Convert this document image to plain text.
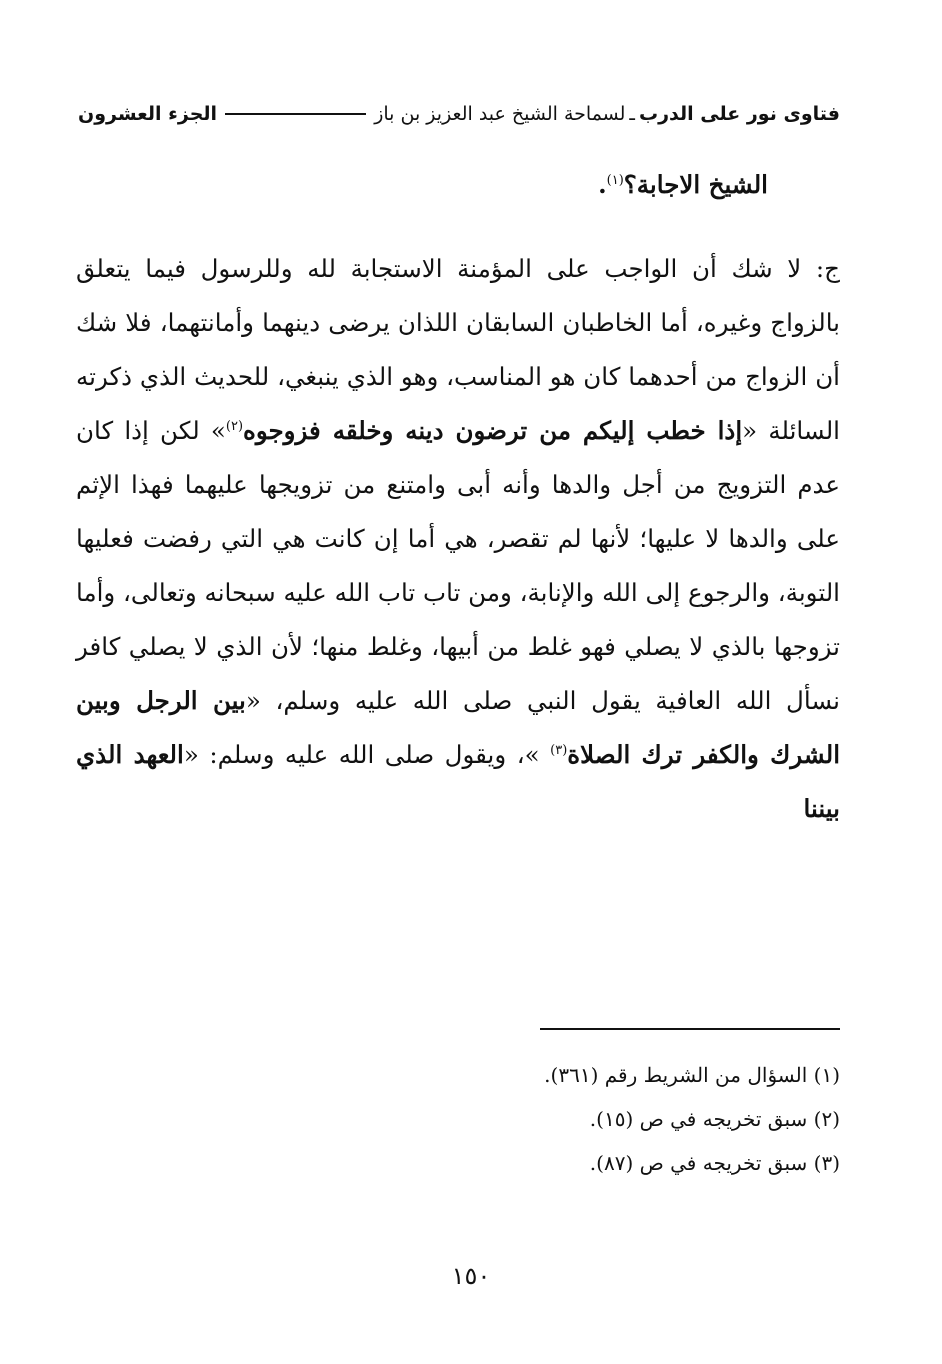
فتاوى نور على الدرب
ـ
لسماحة الشيخ عبد العزيز بن باز
الجزء العشرون

الشيخ الاجابة؟$^{(١)}$.

ج: لا شك أن الواجب على المؤمنة الاستجابة لله وللرسول فيما يتعلق بالزواج وغيره، أما الخاطبان السابقان اللذان يرضى دينهما وأمانتهما، فلا شك أن الزواج من أحدهما كان هو المناسب، وهو الذي ينبغي، للحديث الذي ذكرته السائلة «إذا خطب إليكم من ترضون دينه وخلقه فزوجوه$^{(٢)}$» لكن إذا كان عدم التزويج من أجل والدها وأنه أبى وامتنع من تزويجها عليهما فهذا الإثم على والدها لا عليها؛ لأنها لم تقصر، هي أما إن كانت هي التي رفضت فعليها التوبة، والرجوع إلى الله والإنابة، ومن تاب تاب الله عليه سبحانه وتعالى، وأما تزوجها بالذي لا يصلي فهو غلط من أبيها، وغلط منها؛ لأن الذي لا يصلي كافر نسأل الله العافية يقول النبي صلى الله عليه وسلم، «بين الرجل وبين الشرك والكفر ترك الصلاة$^{(٣)}$ »، ويقول صلى الله عليه وسلم: «العهد الذي بيننا

(١) السؤال من الشريط رقم (٣٦١).
(٢) سبق تخريجه في ص (١٥).
(٣) سبق تخريجه في ص (٨٧).
١٥٠
